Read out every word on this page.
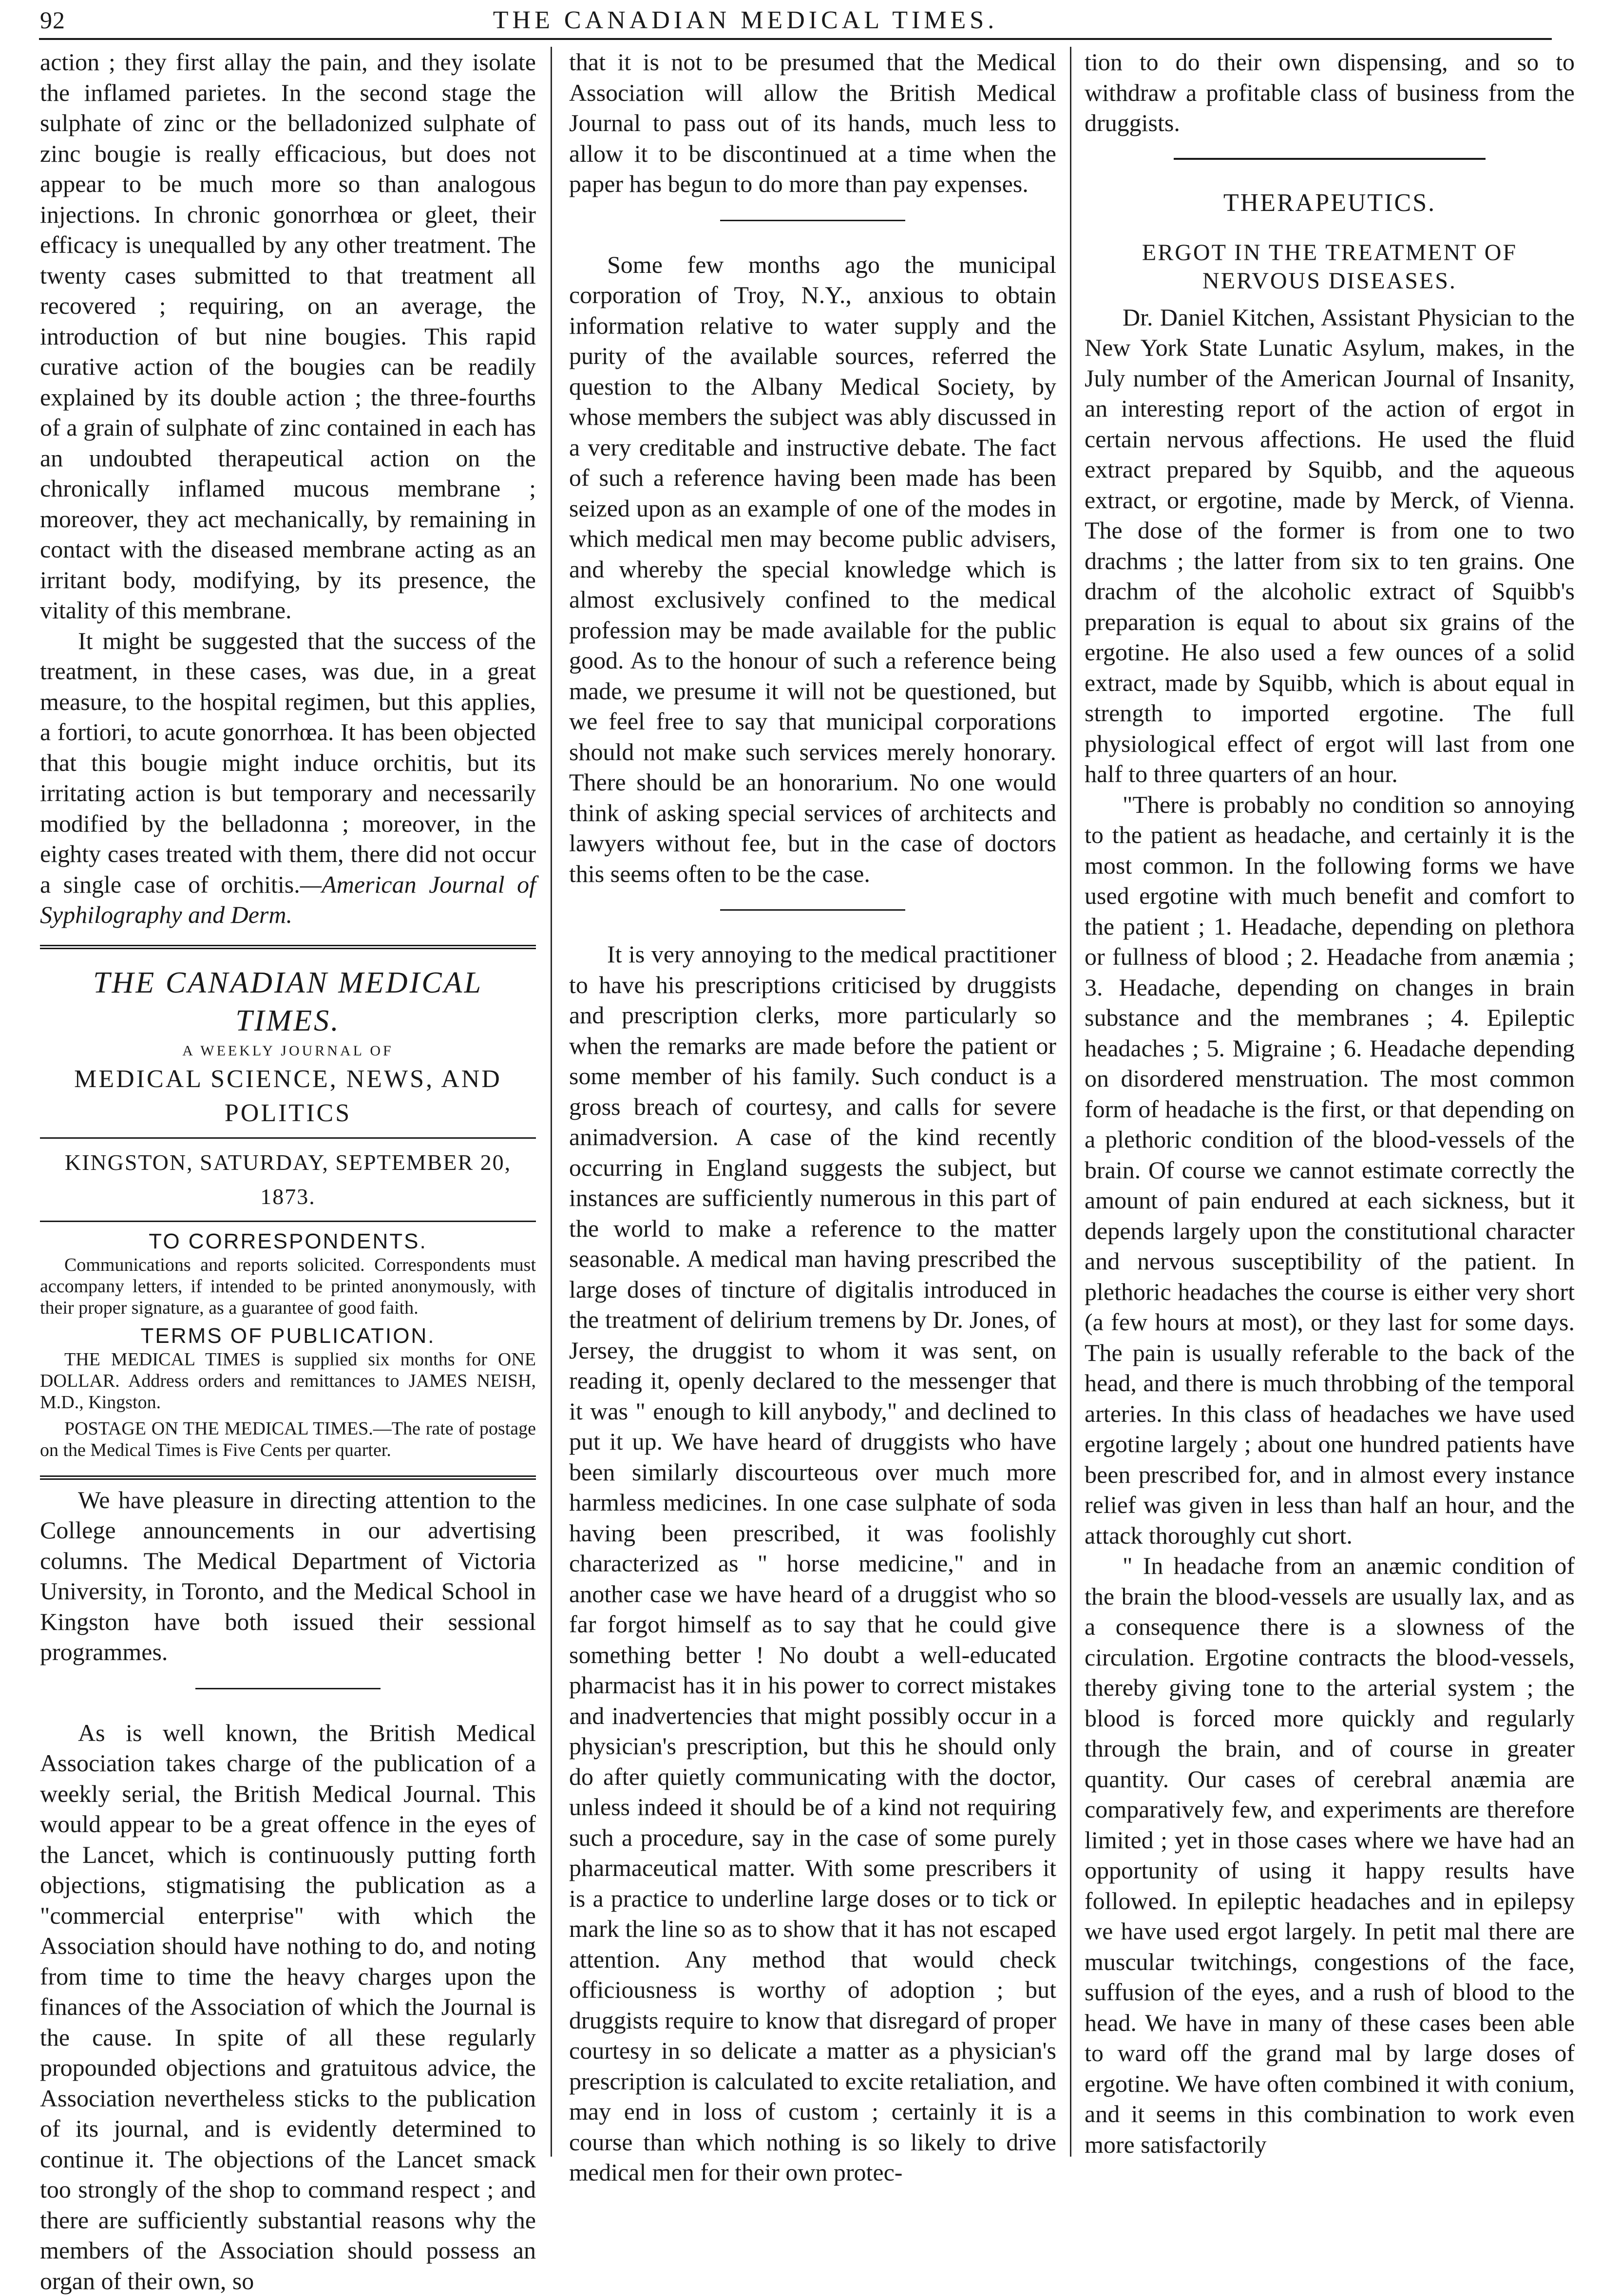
92	THE CANADIAN MEDICAL TIMES.

action ; they first allay the pain, and they isolate the inflamed parietes. In the second stage the sulphate of zinc or the belladonized sulphate of zinc bougie is really efficacious, but does not appear to be much more so than analogous injections. In chronic gonorrhœa or gleet, their efficacy is unequalled by any other treatment. The twenty cases submitted to that treatment all recovered ; requiring, on an average, the introduction of but nine bougies. This rapid curative action of the bougies can be readily explained by its double action ; the three-fourths of a grain of sulphate of zinc contained in each has an undoubted therapeutical action on the chronically inflamed mucous membrane ; moreover, they act mechanically, by remaining in contact with the diseased membrane acting as an irritant body, modifying, by its presence, the vitality of this membrane.

It might be suggested that the success of the treatment, in these cases, was due, in a great measure, to the hospital regimen, but this applies, a fortiori, to acute gonorrhœa. It has been objected that this bougie might induce orchitis, but its irritating action is but temporary and necessarily modified by the belladonna ; moreover, in the eighty cases treated with them, there did not occur a single case of orchitis.—American Journal of Syphilography and Derm.

THE CANADIAN MEDICAL TIMES.
A WEEKLY JOURNAL OF
MEDICAL SCIENCE, NEWS, AND POLITICS
KINGSTON, SATURDAY, SEPTEMBER 20, 1873.
TO CORRESPONDENTS.

Communications and reports solicited. Correspondents must accompany letters, if intended to be printed anonymously, with their proper signature, as a guarantee of good faith.

TERMS OF PUBLICATION.

THE MEDICAL TIMES is supplied six months for ONE DOLLAR. Address orders and remittances to JAMES NEISH, M.D., Kingston.

POSTAGE ON THE MEDICAL TIMES.—The rate of postage on the Medical Times is Five Cents per quarter.

We have pleasure in directing attention to the College announcements in our advertising columns. The Medical Department of Victoria University, in Toronto, and the Medical School in Kingston have both issued their sessional programmes.

As is well known, the British Medical Association takes charge of the publication of a weekly serial, the British Medical Journal. This would appear to be a great offence in the eyes of the Lancet, which is continuously putting forth objections, stigmatising the publication as a "commercial enterprise" with which the Association should have nothing to do, and noting from time to time the heavy charges upon the finances of the Association of which the Journal is the cause. In spite of all these regularly propounded objections and gratuitous advice, the Association nevertheless sticks to the publication of its journal, and is evidently determined to continue it. The objections of the Lancet smack too strongly of the shop to command respect ; and there are sufficiently substantial reasons why the members of the Association should possess an organ of their own, so

that it is not to be presumed that the Medical Association will allow the British Medical Journal to pass out of its hands, much less to allow it to be discontinued at a time when the paper has begun to do more than pay expenses.

Some few months ago the municipal corporation of Troy, N.Y., anxious to obtain information relative to water supply and the purity of the available sources, referred the question to the Albany Medical Society, by whose members the subject was ably discussed in a very creditable and instructive debate. The fact of such a reference having been made has been seized upon as an example of one of the modes in which medical men may become public advisers, and whereby the special knowledge which is almost exclusively confined to the medical profession may be made available for the public good. As to the honour of such a reference being made, we presume it will not be questioned, but we feel free to say that municipal corporations should not make such services merely honorary. There should be an honorarium. No one would think of asking special services of architects and lawyers without fee, but in the case of doctors this seems often to be the case.

It is very annoying to the medical practitioner to have his prescriptions criticised by druggists and prescription clerks, more particularly so when the remarks are made before the patient or some member of his family. Such conduct is a gross breach of courtesy, and calls for severe animadversion. A case of the kind recently occurring in England suggests the subject, but instances are sufficiently numerous in this part of the world to make a reference to the matter seasonable. A medical man having prescribed the large doses of tincture of digitalis introduced in the treatment of delirium tremens by Dr. Jones, of Jersey, the druggist to whom it was sent, on reading it, openly declared to the messenger that it was " enough to kill anybody," and declined to put it up. We have heard of druggists who have been similarly discourteous over much more harmless medicines. In one case sulphate of soda having been prescribed, it was foolishly characterized as " horse medicine," and in another case we have heard of a druggist who so far forgot himself as to say that he could give something better ! No doubt a well-educated pharmacist has it in his power to correct mistakes and inadvertencies that might possibly occur in a physician's prescription, but this he should only do after quietly communicating with the doctor, unless indeed it should be of a kind not requiring such a procedure, say in the case of some purely pharmaceutical matter. With some prescribers it is a practice to underline large doses or to tick or mark the line so as to show that it has not escaped attention. Any method that would check officiousness is worthy of adoption ; but druggists require to know that disregard of proper courtesy in so delicate a matter as a physician's prescription is calculated to excite retaliation, and may end in loss of custom ; certainly it is a course than which nothing is so likely to drive medical men for their own protec-

tion to do their own dispensing, and so to withdraw a profitable class of business from the druggists.

THERAPEUTICS.
ERGOT IN THE TREATMENT OF NERVOUS DISEASES.

Dr. Daniel Kitchen, Assistant Physician to the New York State Lunatic Asylum, makes, in the July number of the American Journal of Insanity, an interesting report of the action of ergot in certain nervous affections. He used the fluid extract prepared by Squibb, and the aqueous extract, or ergotine, made by Merck, of Vienna. The dose of the former is from one to two drachms ; the latter from six to ten grains. One drachm of the alcoholic extract of Squibb's preparation is equal to about six grains of the ergotine. He also used a few ounces of a solid extract, made by Squibb, which is about equal in strength to imported ergotine. The full physiological effect of ergot will last from one half to three quarters of an hour.

"There is probably no condition so annoying to the patient as headache, and certainly it is the most common. In the following forms we have used ergotine with much benefit and comfort to the patient ; 1. Headache, depending on plethora or fullness of blood ; 2. Headache from anæmia ; 3. Headache, depending on changes in brain substance and the membranes ; 4. Epileptic headaches ; 5. Migraine ; 6. Headache depending on disordered menstruation. The most common form of headache is the first, or that depending on a plethoric condition of the blood-vessels of the brain. Of course we cannot estimate correctly the amount of pain endured at each sickness, but it depends largely upon the constitutional character and nervous susceptibility of the patient. In plethoric headaches the course is either very short (a few hours at most), or they last for some days. The pain is usually referable to the back of the head, and there is much throbbing of the temporal arteries. In this class of headaches we have used ergotine largely ; about one hundred patients have been prescribed for, and in almost every instance relief was given in less than half an hour, and the attack thoroughly cut short.

" In headache from an anæmic condition of the brain the blood-vessels are usually lax, and as a consequence there is a slowness of the circulation. Ergotine contracts the blood-vessels, thereby giving tone to the arterial system ; the blood is forced more quickly and regularly through the brain, and of course in greater quantity. Our cases of cerebral anæmia are comparatively few, and experiments are therefore limited ; yet in those cases where we have had an opportunity of using it happy results have followed. In epileptic headaches and in epilepsy we have used ergot largely. In petit mal there are muscular twitchings, congestions of the face, suffusion of the eyes, and a rush of blood to the head. We have in many of these cases been able to ward off the grand mal by large doses of ergotine. We have often combined it with conium, and it seems in this combination to work even more satisfactorily
